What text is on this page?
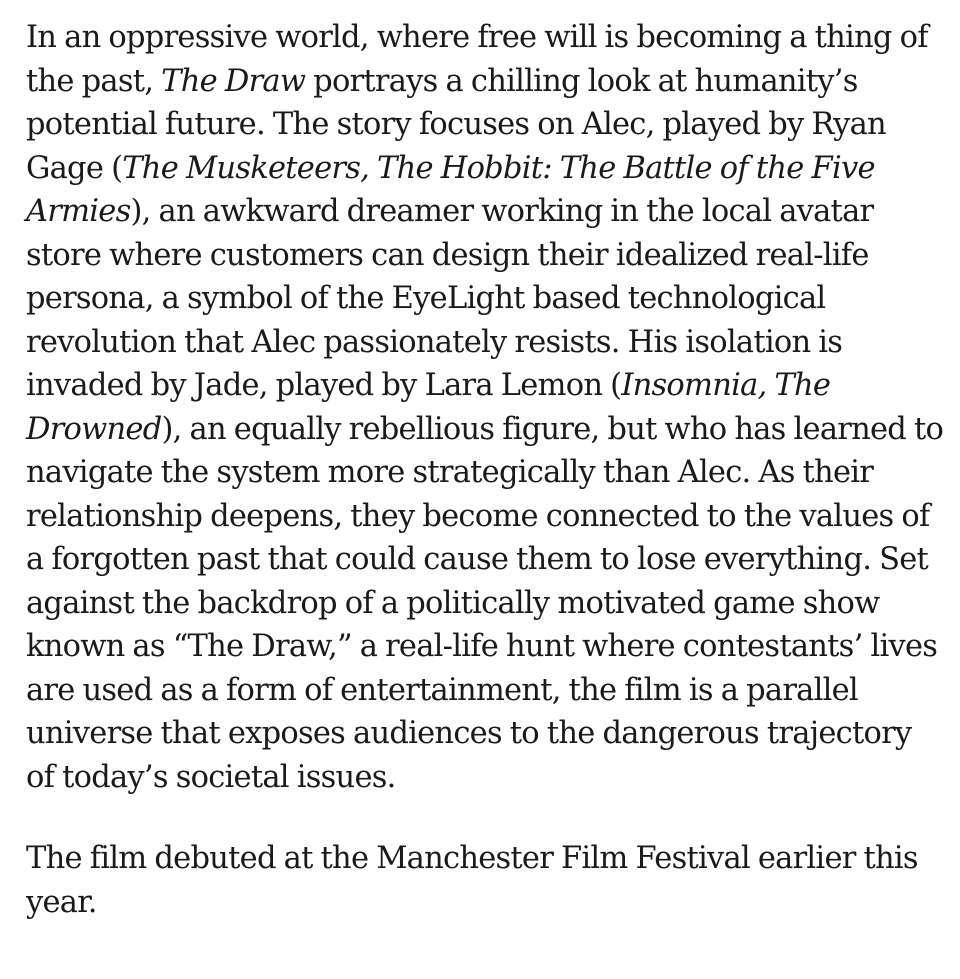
In an oppressive world, where free will is becoming a thing of the past, The Draw portrays a chilling look at humanity’s potential future. The story focuses on Alec, played by Ryan Gage (The Musketeers, The Hobbit: The Battle of the Five Armies), an awkward dreamer working in the local avatar store where customers can design their idealized real-life persona, a symbol of the EyeLight based technological revolution that Alec passionately resists. His isolation is invaded by Jade, played by Lara Lemon (Insomnia, The Drowned), an equally rebellious figure, but who has learned to navigate the system more strategically than Alec. As their relationship deepens, they become connected to the values of a forgotten past that could cause them to lose everything. Set against the backdrop of a politically motivated game show known as “The Draw,” a real-life hunt where contestants’ lives are used as a form of entertainment, the film is a parallel universe that exposes audiences to the dangerous trajectory of today’s societal issues.

The film debuted at the Manchester Film Festival earlier this year.
